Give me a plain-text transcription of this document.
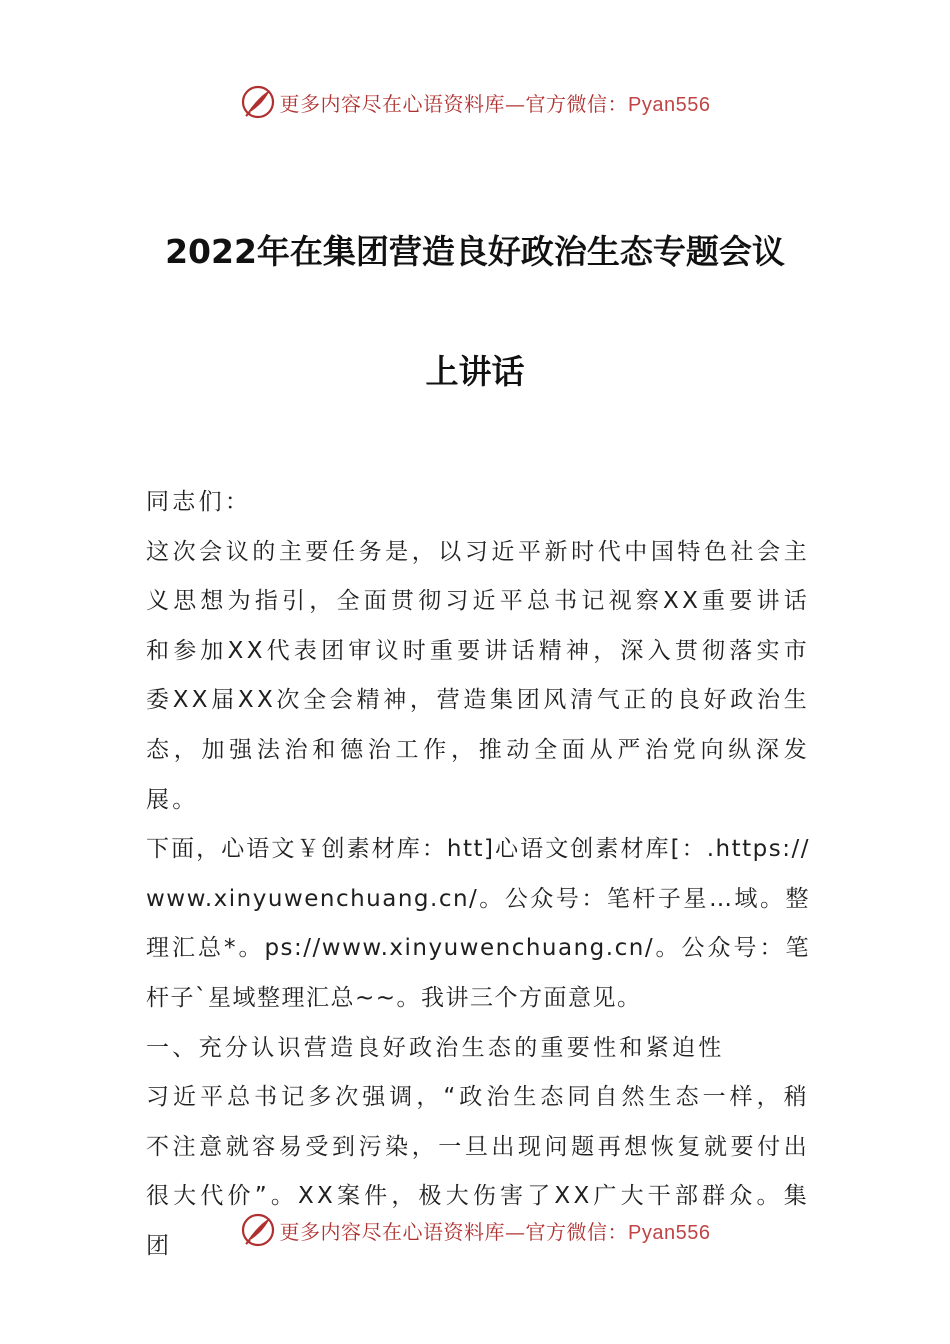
更多内容尽在心语资料库—官方微信：Pyan556
2022年在集团营造良好政治生态专题会议
上讲话

同志们：

这次会议的主要任务是，以习近平新时代中国特色社会主义思想为指引，全面贯彻习近平总书记视察XX重要讲话和参加XX代表团审议时重要讲话精神，深入贯彻落实市委XX届XX次全会精神，营造集团风清气正的良好政治生态，加强法治和德治工作，推动全面从严治党向纵深发展。

下面，心语文￥创素材库：htt]心语文创素材库[：.https://www.xinyuwenchuang.cn/。公众号：笔杆子星…域。整理汇总*。ps://www.xinyuwenchuang.cn/。公众号：笔杆子`星域整理汇总~~。我讲三个方面意见。

一、充分认识营造良好政治生态的重要性和紧迫性

习近平总书记多次强调，“政治生态同自然生态一样，稍不注意就容易受到污染，一旦出现问题再想恢复就要付出很大代价”。XX案件，极大伤害了XX广大干部群众。集团

更多内容尽在心语资料库—官方微信：Pyan556
